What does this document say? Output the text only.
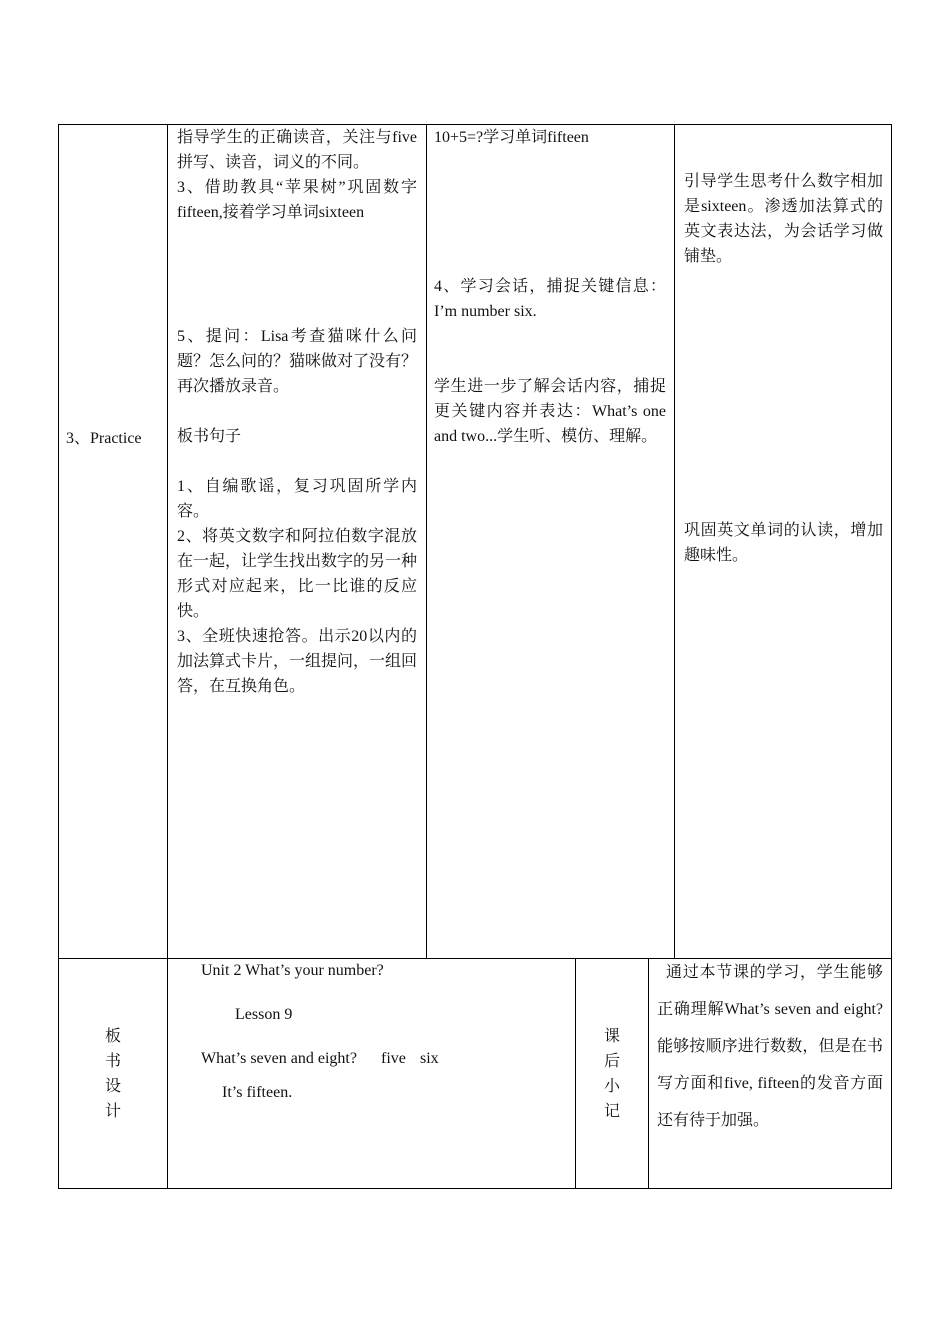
3、Practice

指导学生的正确读音，关注与five拼写、读音，词义的不同。

3、借助教具“苹果树”巩固数字fifteen,接着学习单词sixteen

5、提问：Lisa考查猫咪什么问题？怎么问的？猫咪做对了没有？再次播放录音。

板书句子

1、自编歌谣，复习巩固所学内容。

2、将英文数字和阿拉伯数字混放在一起，让学生找出数字的另一种形式对应起来，比一比谁的反应快。

3、全班快速抢答。出示20以内的加法算式卡片，一组提问，一组回答，在互换角色。

10+5=?学习单词fifteen

4、学习会话，捕捉关键信息：I’m number six.

学生进一步了解会话内容，捕捉更关键内容并表达：What’s one and two...学生听、模仿、理解。

引导学生思考什么数字相加是sixteen。渗透加法算式的英文表达法，为会话学习做铺垫。

巩固英文单词的认读，增加趣味性。

板
书
设
计
Unit 2 What’s your number?
Lesson 9
What’s seven and eight? five six
It’s fifteen.
课
后
小
记
通过本节课的学习，学生能够正确理解What’s seven and eight?能够按顺序进行数数，但是在书写方面和five, fifteen的发音方面还有待于加强。
